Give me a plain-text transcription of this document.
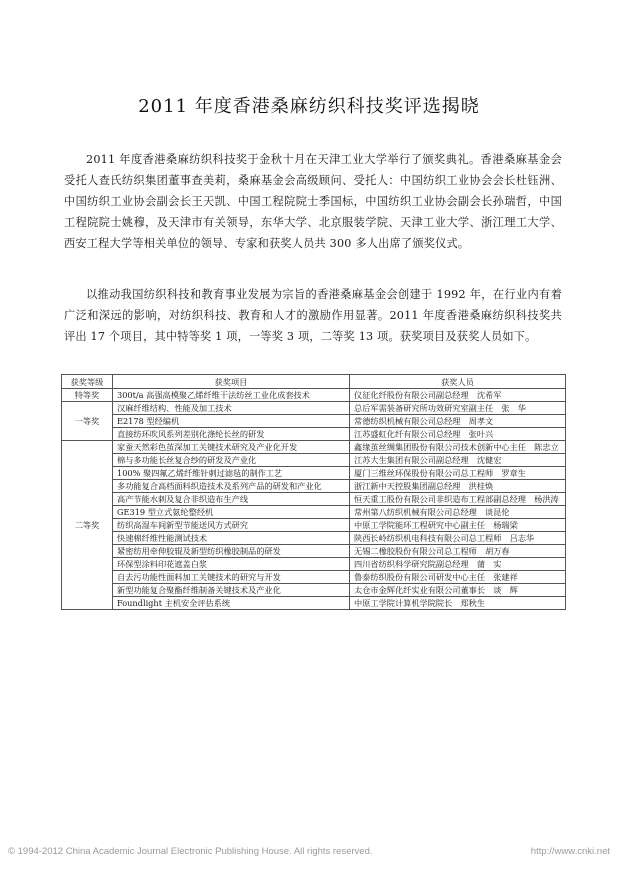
2011 年度香港桑麻纺织科技奖评选揭晓

2011 年度香港桑麻纺织科技奖于金秋十月在天津工业大学举行了颁奖典礼。香港桑麻基金会受托人查氏纺织集团董事查美莉，桑麻基金会高级顾问、受托人：中国纺织工业协会会长杜钰洲、中国纺织工业协会副会长王天凯、中国工程院院士季国标，中国纺织工业协会副会长孙瑞哲，中国工程院院士姚穆，及天津市有关领导，东华大学、北京服装学院、天津工业大学、浙江理工大学、西安工程大学等相关单位的领导、专家和获奖人员共 300 多人出席了颁奖仪式。

以推动我国纺织科技和教育事业发展为宗旨的香港桑麻基金会创建于 1992 年，在行业内有着广泛和深远的影响，对纺织科技、教育和人才的激励作用显著。2011 年度香港桑麻纺织科技奖共评出 17 个项目，其中特等奖 1 项，一等奖 3 项，二等奖 13 项。获奖项目及获奖人员如下。

获奖等级	获奖项目	获奖人员
特等奖	300t/a 高强高模聚乙烯纤维干法纺丝工业化成套技术	仪征化纤股份有限公司副总经理　沈希军
一等奖	汉麻纤维结构、性能及加工技术	总后军需装备研究所功效研究室副主任　张　华
	E2178 型经编机	常德纺织机械有限公司总经理　周孝文
	直接纺环吹风系列差别化涤纶长丝的研发	江苏盛虹化纤有限公司总经理　张叶兴
二等奖	家蚕天然彩色茧深加工关键技术研究及产业化开发	鑫缘茧丝绸集团股份有限公司技术创新中心主任　陈忠立
	棉与多功能长丝复合纱的研发及产业化	江苏大生集团有限公司副总经理　沈健宏
	100% 聚四氟乙烯纤维针刺过滤毡的制作工艺	厦门三维丝环保股份有限公司总工程师　罗章生
	多功能复合高档面料织造技术及系列产品的研发和产业化	浙江新中天控股集团副总经理　洪桂焕
	高产节能水刺及复合非织造布生产线	恒天重工股份有限公司非织造布工程部副总经理　杨洪涛
	GE319 型立式氨纶整经机	常州第八纺织机械有限公司总经理　谈昆伦
	纺织高湿车间新型节能送风方式研究	中原工学院能环工程研究中心副主任　杨瑞梁
	快速棉纤维性能测试技术	陕西长岭纺织机电科技有限公司总工程师　吕志华
	紧密纺用牵伸胶辊及新型纺织橡胶制品的研发	无锡二橡胶股份有限公司总工程师　胡万春
	环保型涂料印花遮盖白浆	四川省纺织科学研究院副总经理　蒲　实
	自去污功能性面料加工关键技术的研究与开发	鲁泰纺织股份有限公司研发中心主任　张建祥
	新型功能复合聚酯纤维制备关键技术及产业化	太仓市金辉化纤实业有限公司董事长　谈　辉
	Foundlight 主机安全评估系统	中原工学院计算机学院院长　郑秋生
© 1994-2012 China Academic Journal Electronic Publishing House. All rights reserved.	http://www.cnki.net
